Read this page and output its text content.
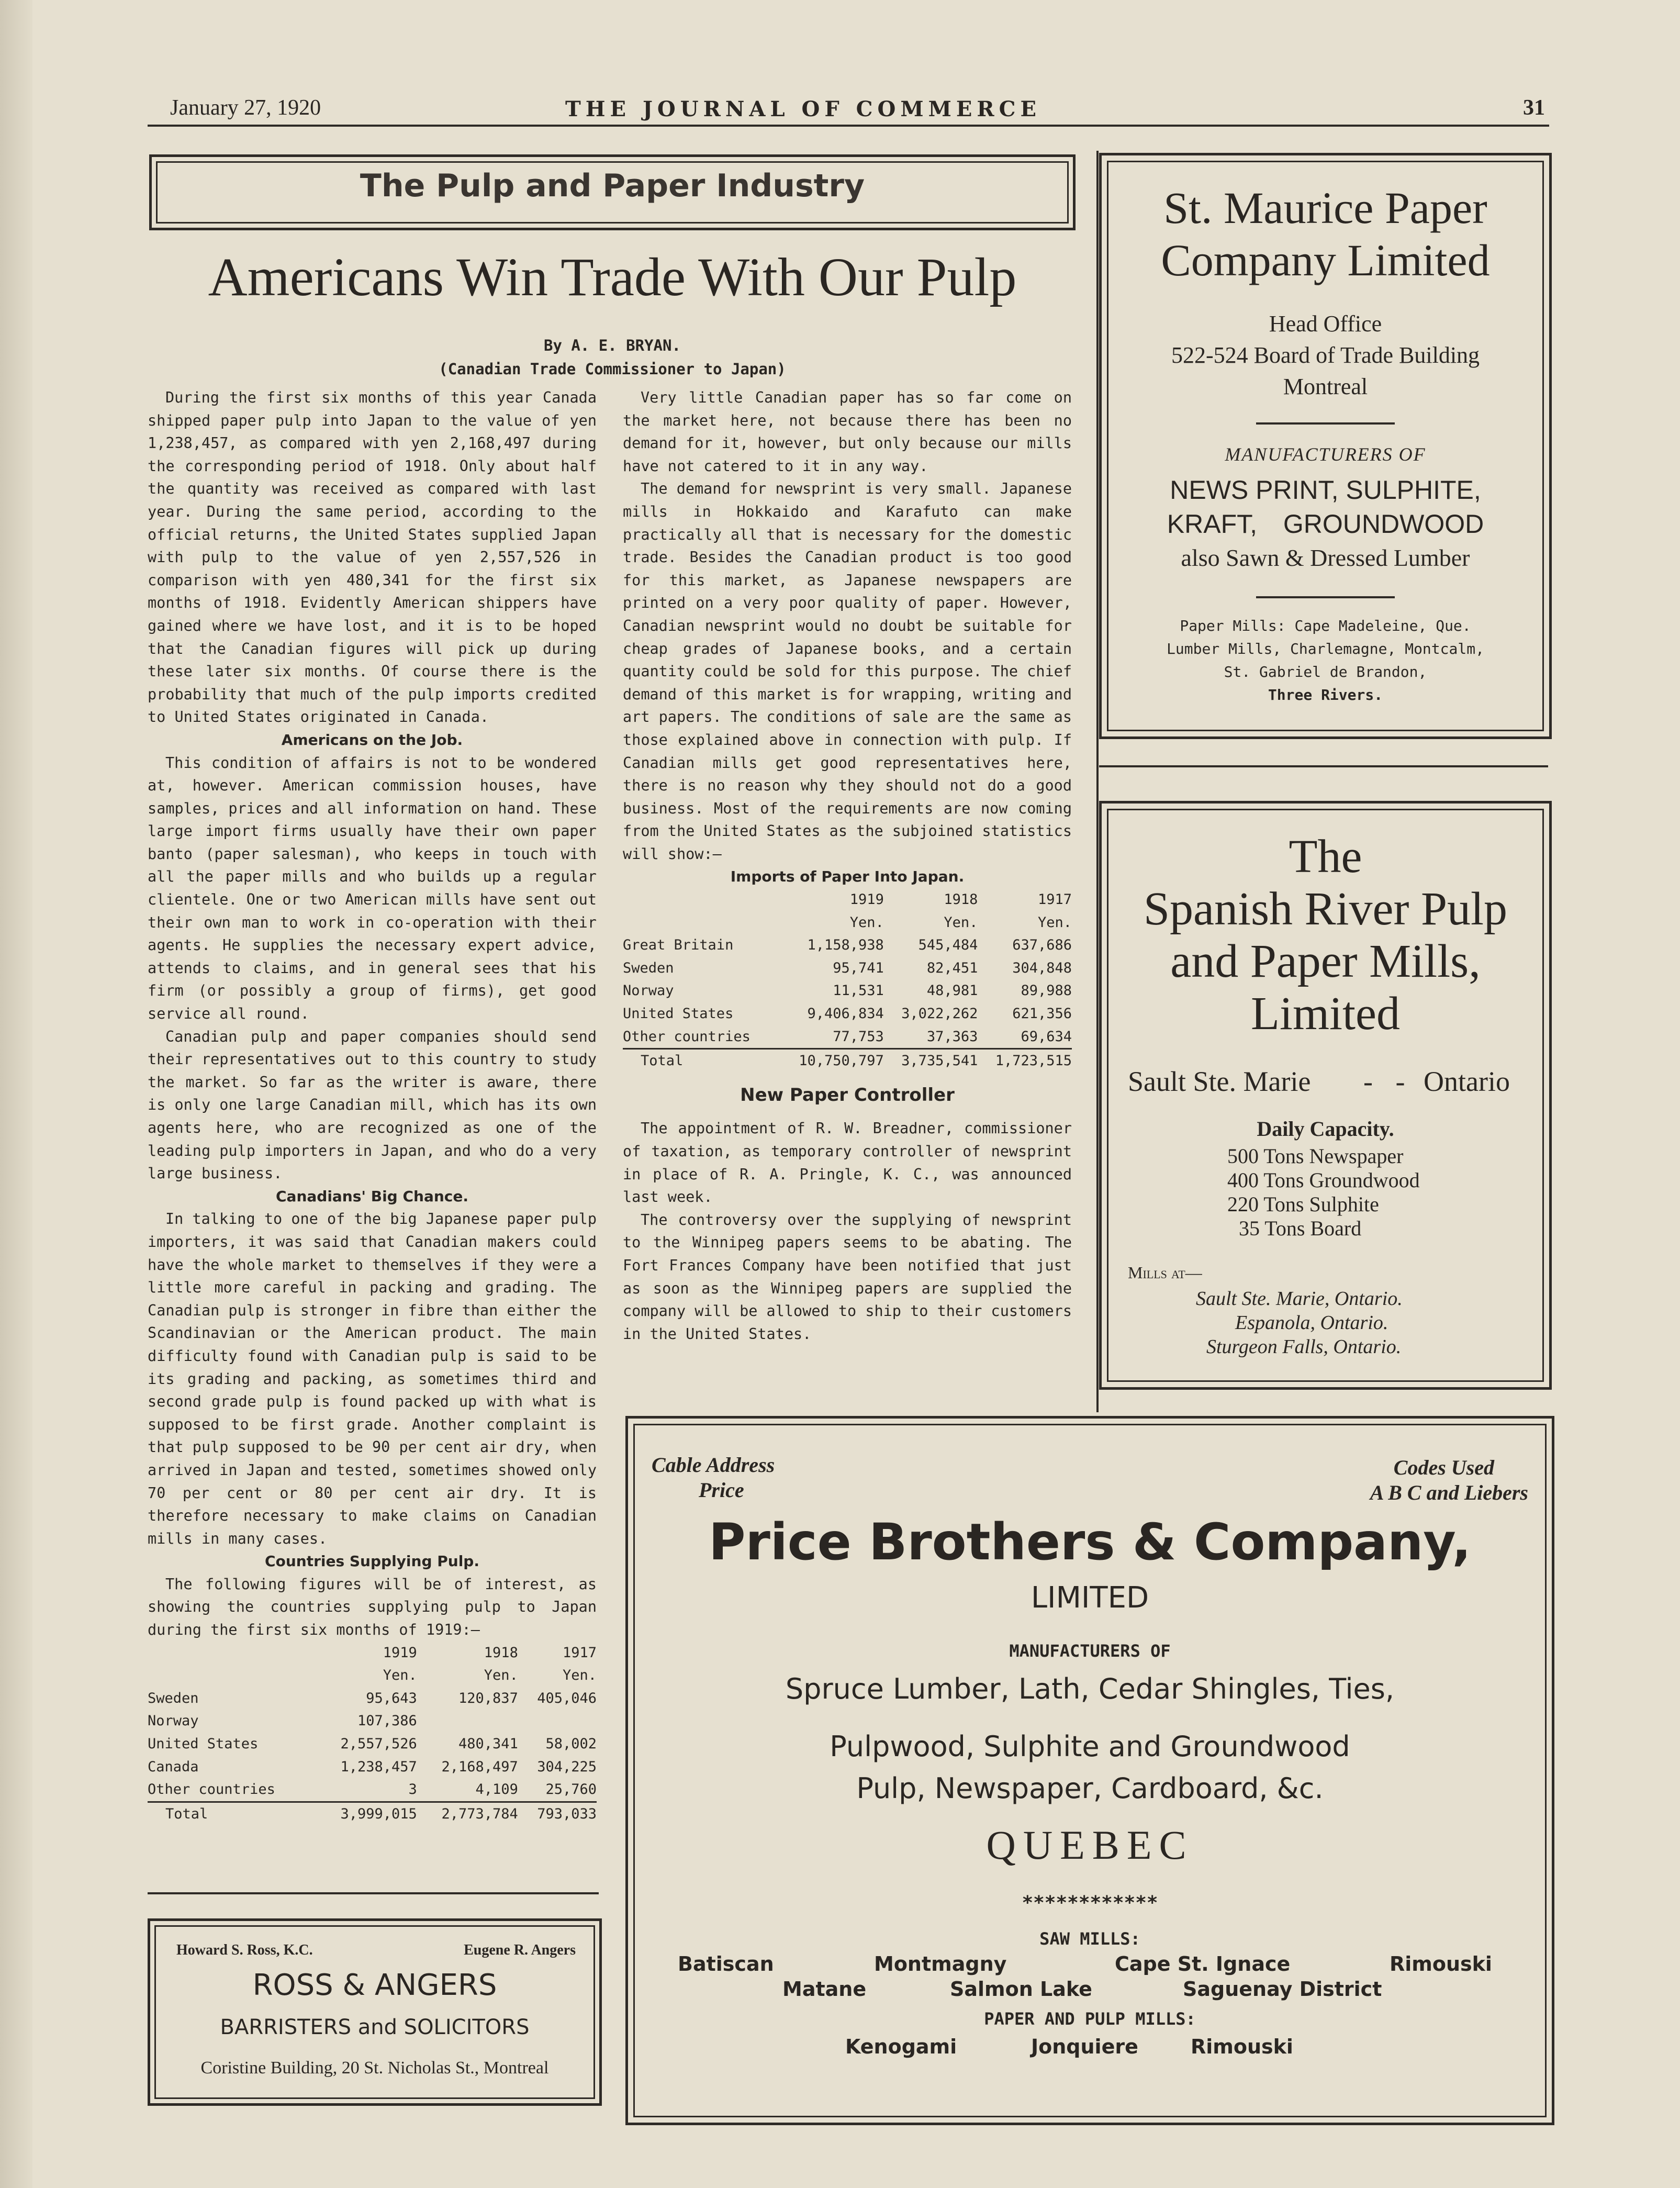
January 27, 1920	THE JOURNAL OF COMMERCE	31
The Pulp and Paper Industry
Americans Win Trade With Our Pulp
By A. E. BRYAN.
(Canadian Trade Commissioner to Japan)

During the first six months of this year Canada shipped paper pulp into Japan to the value of yen 1,238,457, as compared with yen 2,168,497 during the corresponding period of 1918. Only about half the quantity was received as compared with last year. During the same period, according to the official returns, the United States supplied Japan with pulp to the value of yen 2,557,526 in comparison with yen 480,341 for the first six months of 1918. Evidently American shippers have gained where we have lost, and it is to be hoped that the Canadian figures will pick up during these later six months. Of course there is the probability that much of the pulp imports credited to United States originated in Canada.

Americans on the Job.

This condition of affairs is not to be wondered at, however. American commission houses, have samples, prices and all information on hand. These large import firms usually have their own paper banto (paper salesman), who keeps in touch with all the paper mills and who builds up a regular clientele. One or two American mills have sent out their own man to work in co-operation with their agents. He supplies the necessary expert advice, attends to claims, and in general sees that his firm (or possibly a group of firms), get good service all round.

Canadian pulp and paper companies should send their representatives out to this country to study the market. So far as the writer is aware, there is only one large Canadian mill, which has its own agents here, who are recognized as one of the leading pulp importers in Japan, and who do a very large business.

Canadians' Big Chance.

In talking to one of the big Japanese paper pulp importers, it was said that Canadian makers could have the whole market to themselves if they were a little more careful in packing and grading. The Canadian pulp is stronger in fibre than either the Scandinavian or the American product. The main difficulty found with Canadian pulp is said to be its grading and packing, as sometimes third and second grade pulp is found packed up with what is supposed to be first grade. Another complaint is that pulp supposed to be 90 per cent air dry, when arrived in Japan and tested, sometimes showed only 70 per cent or 80 per cent air dry. It is therefore necessary to make claims on Canadian mills in many cases.

Countries Supplying Pulp.

The following figures will be of interest, as showing the countries supplying pulp to Japan during the first six months of 1919:—

	1919	1918	1917
	Yen.	Yen.	Yen.
Sweden	95,643	120,837	405,046
Norway	107,386		
United States	2,557,526	480,341	58,002
Canada	1,238,457	2,168,497	304,225
Other countries	3	4,109	25,760
Total	3,999,015	2,773,784	793,033

Very little Canadian paper has so far come on the market here, not because there has been no demand for it, however, but only because our mills have not catered to it in any way.

The demand for newsprint is very small. Japanese mills in Hokkaido and Karafuto can make practically all that is necessary for the domestic trade. Besides the Canadian product is too good for this market, as Japanese newspapers are printed on a very poor quality of paper. However, Canadian newsprint would no doubt be suitable for cheap grades of Japanese books, and a certain quantity could be sold for this purpose. The chief demand of this market is for wrapping, writing and art papers. The conditions of sale are the same as those explained above in connection with pulp. If Canadian mills get good representatives here, there is no reason why they should not do a good business. Most of the requirements are now coming from the United States as the subjoined statistics will show:—

Imports of Paper Into Japan.
	1919	1918	1917
	Yen.	Yen.	Yen.
Great Britain	1,158,938	545,484	637,686
Sweden	95,741	82,451	304,848
Norway	11,531	48,981	89,988
United States	9,406,834	3,022,262	621,356
Other countries	77,753	37,363	69,634
Total	10,750,797	3,735,541	1,723,515
New Paper Controller

The appointment of R. W. Breadner, commissioner of taxation, as temporary controller of newsprint in place of R. A. Pringle, K. C., was announced last week.

The controversy over the supplying of newsprint to the Winnipeg papers seems to be abating. The Fort Frances Company have been notified that just as soon as the Winnipeg papers are supplied the company will be allowed to ship to their customers in the United States.

St. Maurice Paper
Company Limited
Head Office
522-524 Board of Trade Building
Montreal
MANUFACTURERS OF
NEWS PRINT, SULPHITE,
KRAFT, GROUNDWOOD
also Sawn & Dressed Lumber
Paper Mills: Cape Madeleine, Que.
Lumber Mills, Charlemagne, Montcalm,
St. Gabriel de Brandon,
Three Rivers.
The
Spanish River Pulp
and Paper Mills,
Limited
Sault Ste. Marie - - Ontario
Daily Capacity.
500 Tons Newspaper
400 Tons Groundwood
220 Tons Sulphite
35 Tons Board
Mills at—
Sault Ste. Marie, Ontario.
Espanola, Ontario.
Sturgeon Falls, Ontario.
Cable Address
Price
Codes Used
A B C and Liebers
Price Brothers & Company,
LIMITED
MANUFACTURERS OF
Spruce Lumber, Lath, Cedar Shingles, Ties,
Pulpwood, Sulphite and Groundwood
Pulp, Newspaper, Cardboard, &c.
QUEBEC
************
SAW MILLS:
Batiscan	Montmagny	Cape St. Ignace	Rimouski
Matane	Salmon Lake	Saguenay District
PAPER AND PULP MILLS:
Kenogami	Jonquiere	Rimouski
Howard S. Ross, K.C.	Eugene R. Angers
ROSS & ANGERS
BARRISTERS and SOLICITORS
Coristine Building, 20 St. Nicholas St., Montreal
